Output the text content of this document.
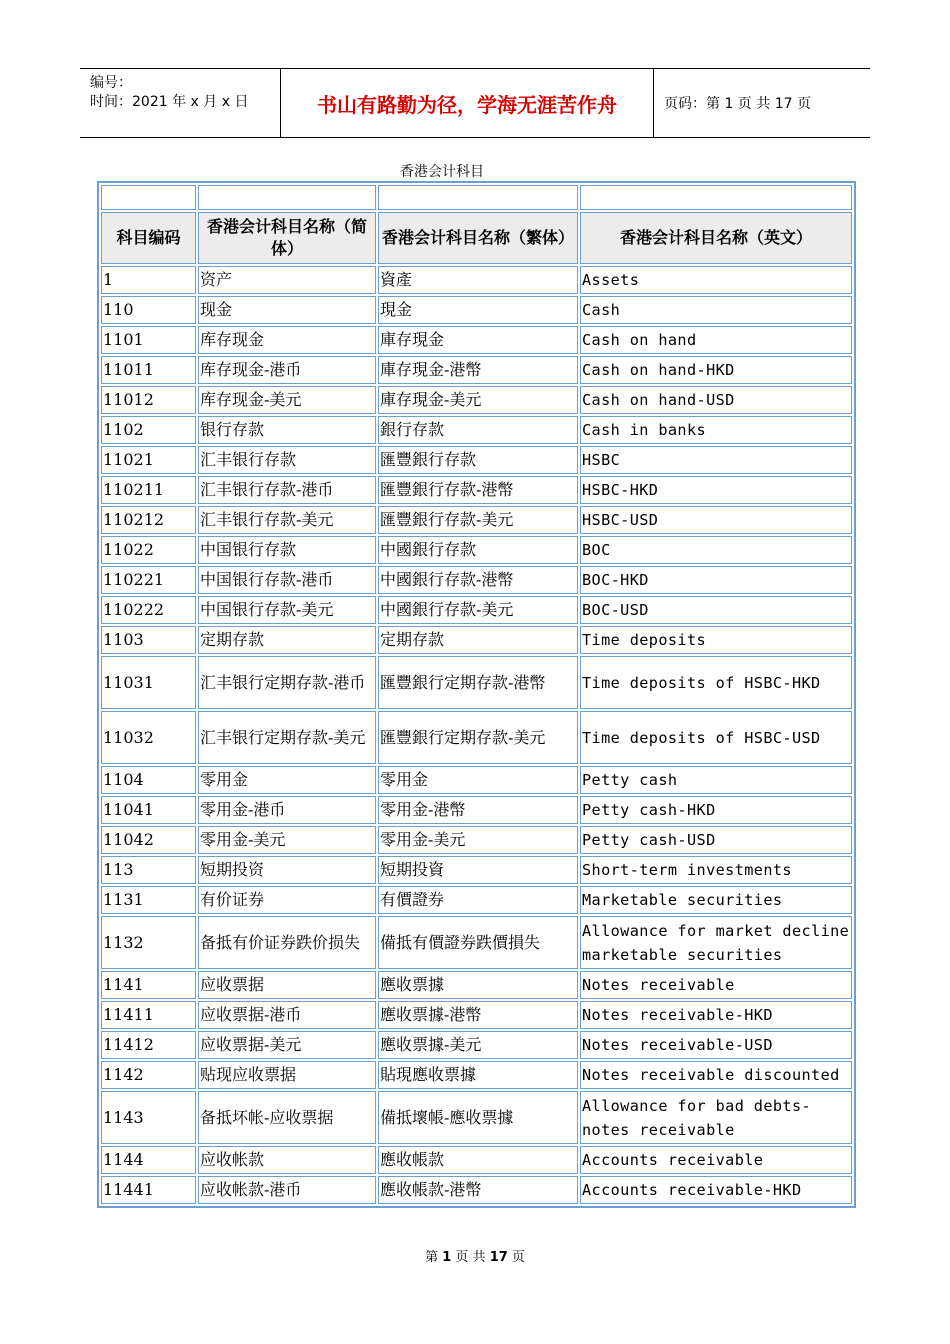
编号：
时间：2021 年 x 月 x 日	书山有路勤为径，学海无涯苦作舟	页码：第 1 页 共 17 页
香港会计科目

科目编码	香港会计科目名称（简体）	香港会计科目名称（繁体）	香港会计科目名称（英文）
1	资产	資產	Assets
110	现金	現金	Cash
1101	库存现金	庫存現金	Cash on hand
11011	库存现金-港币	庫存現金-港幣	Cash on hand-HKD
11012	库存现金-美元	庫存現金-美元	Cash on hand-USD
1102	银行存款	銀行存款	Cash in banks
11021	汇丰银行存款	匯豐銀行存款	HSBC
110211	汇丰银行存款-港币	匯豐銀行存款-港幣	HSBC-HKD
110212	汇丰银行存款-美元	匯豐銀行存款-美元	HSBC-USD
11022	中国银行存款	中國銀行存款	BOC
110221	中国银行存款-港币	中國銀行存款-港幣	BOC-HKD
110222	中国银行存款-美元	中國銀行存款-美元	BOC-USD
1103	定期存款	定期存款	Time deposits
11031	汇丰银行定期存款-港币	匯豐銀行定期存款-港幣	Time deposits of HSBC-HKD
11032	汇丰银行定期存款-美元	匯豐銀行定期存款-美元	Time deposits of HSBC-USD
1104	零用金	零用金	Petty cash
11041	零用金-港币	零用金-港幣	Petty cash-HKD
11042	零用金-美元	零用金-美元	Petty cash-USD
113	短期投资	短期投資	Short-term investments
1131	有价证券	有價證券	Marketable securities
1132	备抵有价证券跌价损失	備抵有價證券跌價損失	Allowance for market decline marketable securities
1141	应收票据	應收票據	Notes receivable
11411	应收票据-港币	應收票據-港幣	Notes receivable-HKD
11412	应收票据-美元	應收票據-美元	Notes receivable-USD
1142	贴现应收票据	貼現應收票據	Notes receivable discounted
1143	备抵坏帐-应收票据	備抵壞帳-應收票據	Allowance for bad debts-notes receivable
1144	应收帐款	應收帳款	Accounts receivable
11441	应收帐款-港币	應收帳款-港幣	Accounts receivable-HKD
第 1 页 共 17 页
